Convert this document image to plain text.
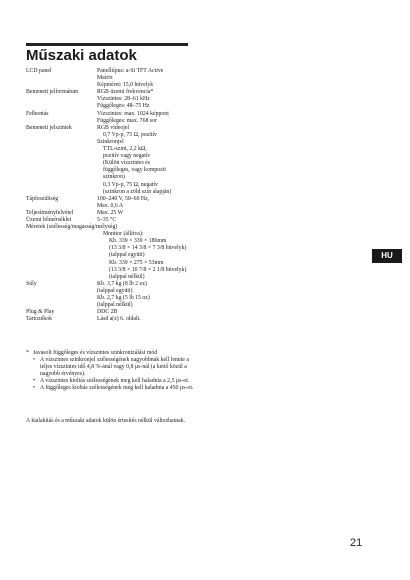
Műszaki adatok
LCD panel	Panelltípus: a-Si TFT Active
Matrix
Képméret: 15,0 hüvelyk
Bemeneti jelformátum	RGB üzemi frekvencia*
Vízszintes: 28–61 kHz
Függőleges: 48–75 Hz
Felbontás	Vízszintes: max. 1024 képpont
Függőleges: max. 768 sor
Bemeneti jelszintek	RGB videojel
0,7 Vp-p, 75 Ω, pozitív
Szinkronjel
TTL-szint, 2,2 kΩ,
pozitív vagy negatív
(Külön vízszintes és
függőleges, vagy kompozit
szinkron)
0,3 Vp-p, 75 Ω, negatív
(szinkron a zöld szín alapján)
Tápfeszültség	100–240 V, 50–60 Hz,
Max. 0,6 A
Teljesítményfelvétel	Max. 25 W
Üzemi hőmérséklet	5–35 °C
Méretek (szélesség/magasság/mélység)
Monitor (állítva):
Kb. 339 × 339 × 186mm
(13 3/8 × 14 3/8 × 7 3/8 hüvelyk)
(talppal együtt)
Kb. 339 × 275 × 53mm
(13 3/8 × 10 7/8 × 2 1/8 hüvelyk)
(talppal nélkül)
Súly	Kb. 3,7 kg (8 lb 2 oz)
(talppal együtt)
Kb. 2,7 kg (5 lb 15 oz)
(talppal nélkül)
Plug & Play	DDC 2B
Tartozékok	Lásd a(z) 6. oldalt.
* Javasolt függőleges és vízszintes szinkronizálási mód
• A vízszintes szinkronjel szélességének nagyobbnak kell lennie a teljes vízszintes idő 4,8 %-ánál vagy 0,8 µs-nál (a kettő közül a nagyobb érvényes).
• A vízszintes kioltás szélességének meg kell haladnia a 2,5 µs-ot.
• A függőleges kioltás szélességének meg kell haladnia a 450 µs-ot.
A kialakítás és a műszaki adatok külön értesítés nélkül változhatnak.
HU
21
